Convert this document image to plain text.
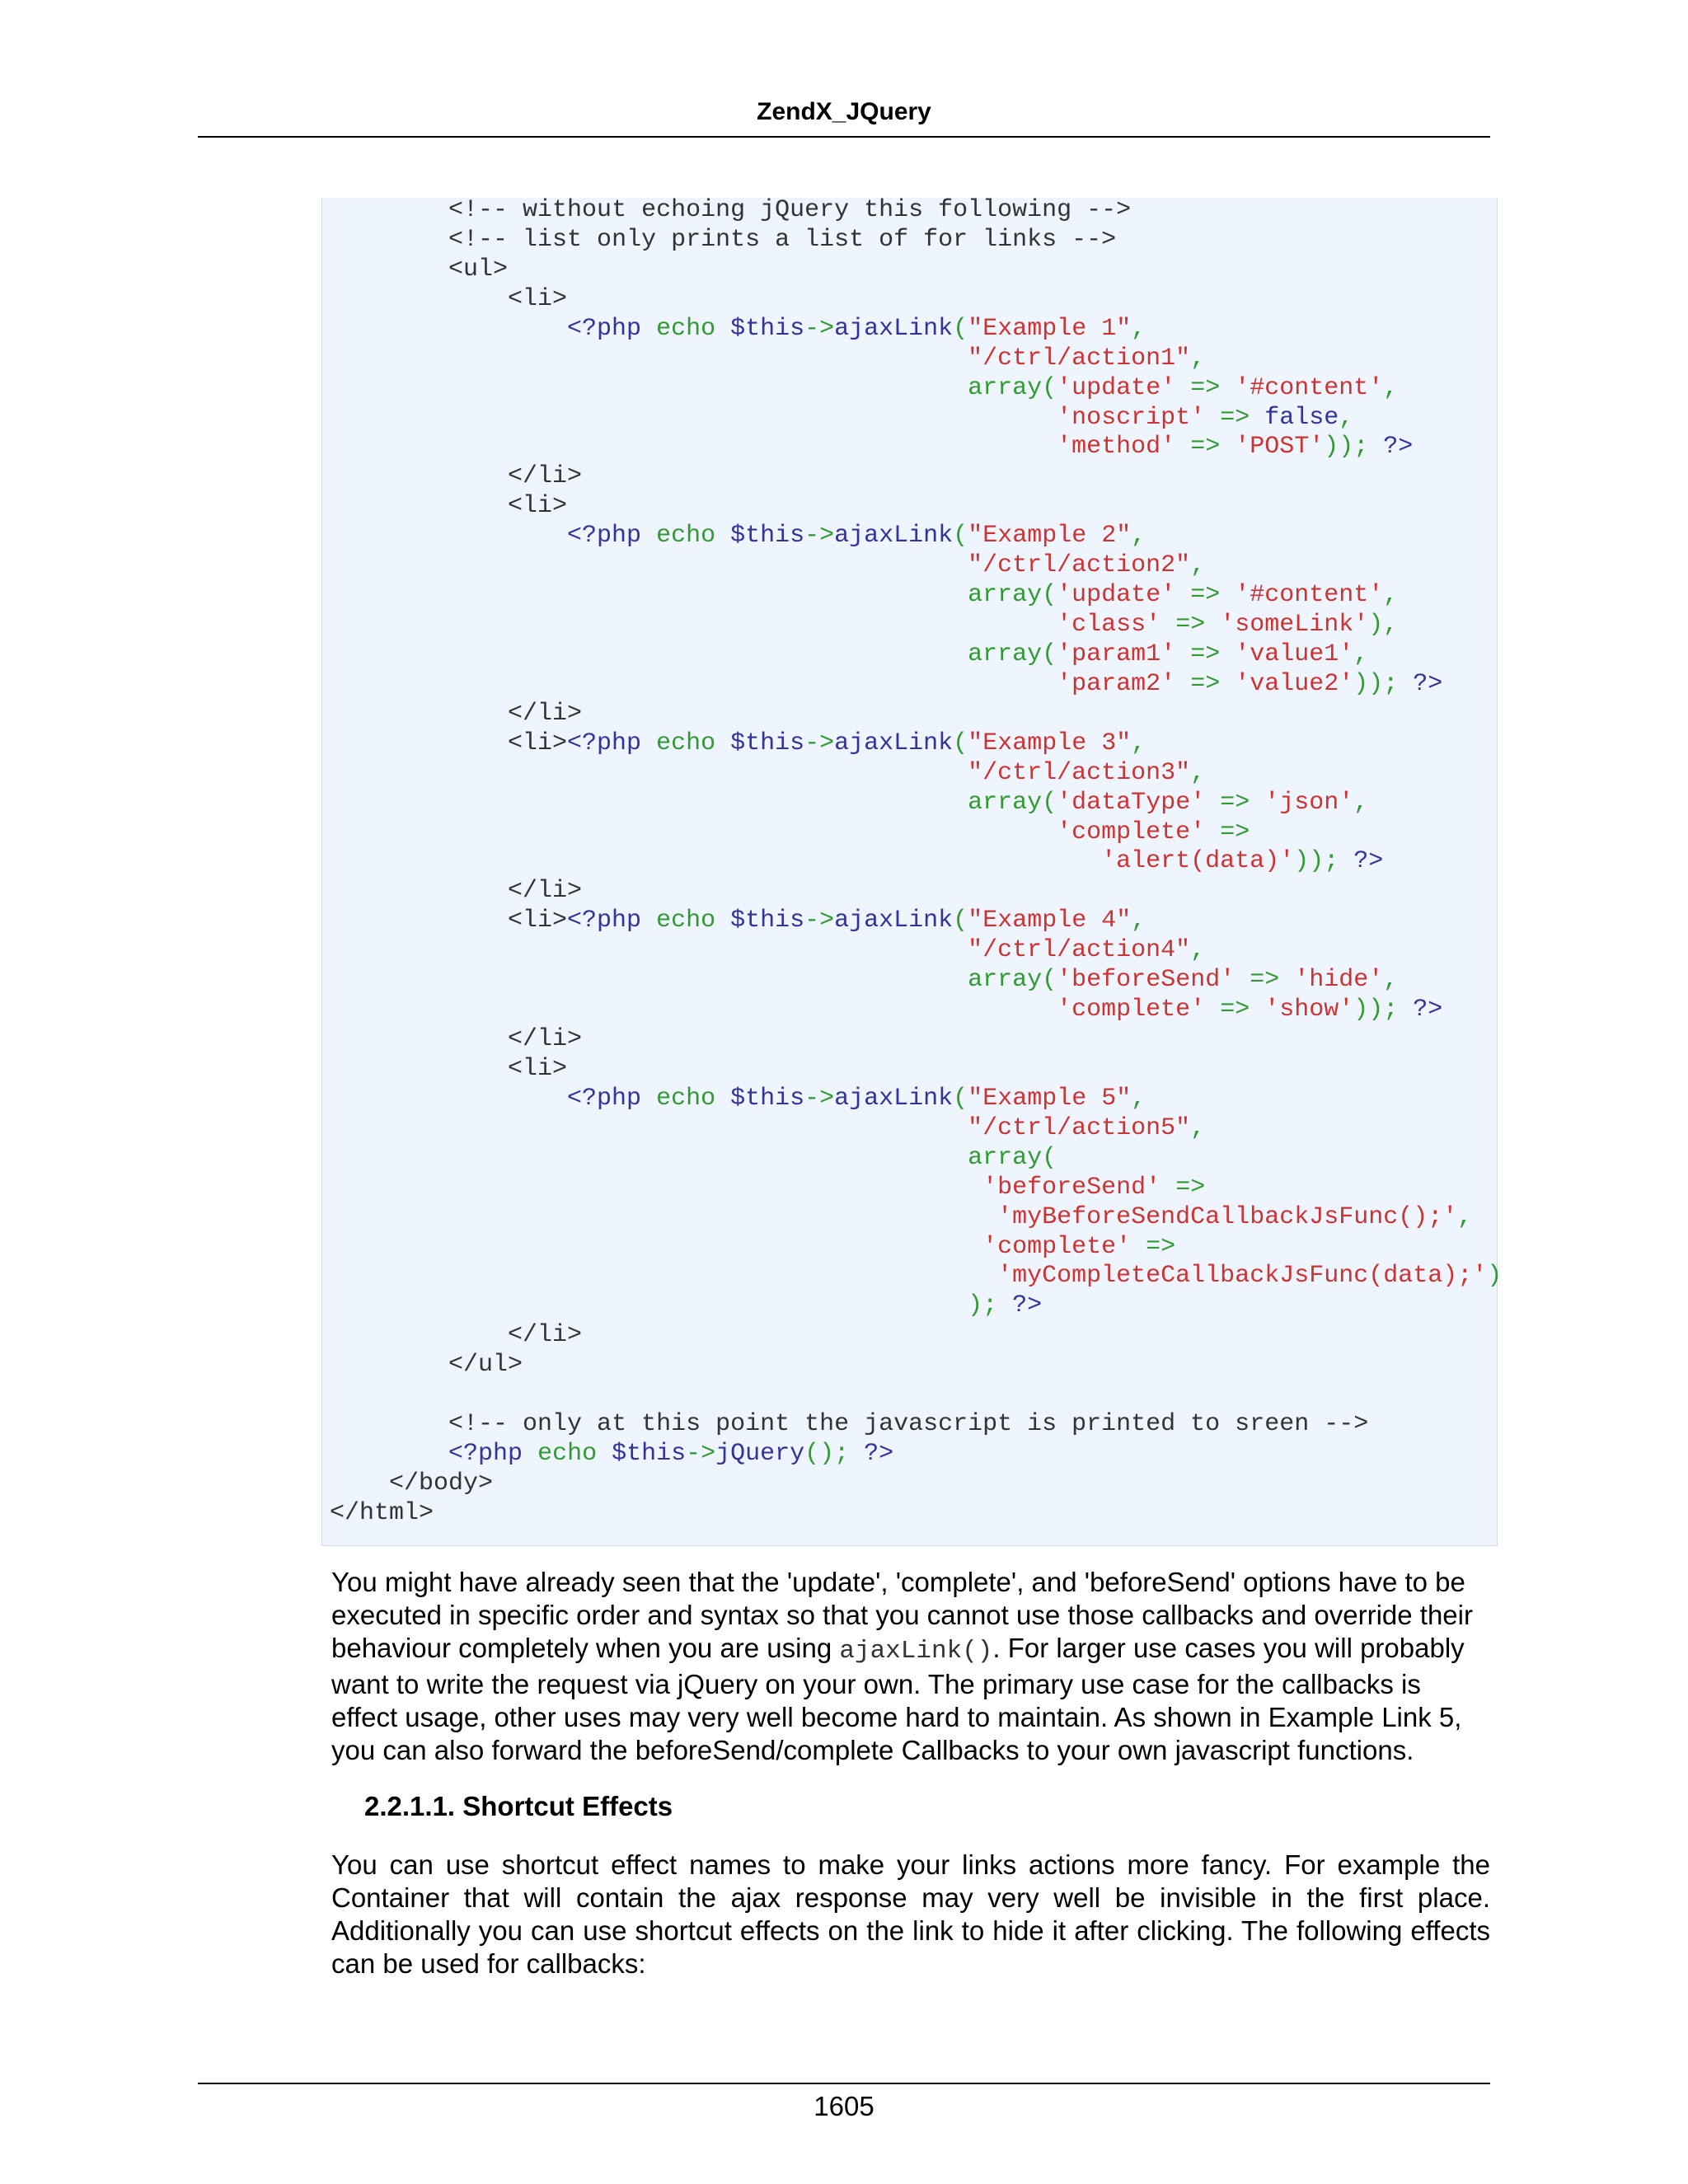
ZendX_JQuery
<!-- without echoing jQuery this following -->
<!-- list only prints a list of for links -->
<ul>
<li>
<?php echo $this->ajaxLink("Example 1",
"/ctrl/action1",
array('update' => '#content',
'noscript' => false,
'method' => 'POST')); ?>
</li>
<li>
<?php echo $this->ajaxLink("Example 2",
"/ctrl/action2",
array('update' => '#content',
'class' => 'someLink'),
array('param1' => 'value1',
'param2' => 'value2')); ?>
</li>
<li><?php echo $this->ajaxLink("Example 3",
"/ctrl/action3",
array('dataType' => 'json',
'complete' =>
'alert(data)')); ?>
</li>
<li><?php echo $this->ajaxLink("Example 4",
"/ctrl/action4",
array('beforeSend' => 'hide',
'complete' => 'show')); ?>
</li>
<li>
<?php echo $this->ajaxLink("Example 5",
"/ctrl/action5",
array(
'beforeSend' =>
'myBeforeSendCallbackJsFunc();',
'complete' =>
'myCompleteCallbackJsFunc(data);')
); ?>
</li>
</ul>
<!-- only at this point the javascript is printed to sreen -->
<?php echo $this->jQuery(); ?>
</body>
</html>

You might have already seen that the 'update', 'complete', and 'beforeSend' options have to be executed in specific order and syntax so that you cannot use those callbacks and override their behaviour completely when you are using ajaxLink(). For larger use cases you will probably want to write the request via jQuery on your own. The primary use case for the callbacks is effect usage, other uses may very well become hard to maintain. As shown in Example Link 5, you can also forward the beforeSend/complete Callbacks to your own javascript functions.

2.2.1.1. Shortcut Effects

You can use shortcut effect names to make your links actions more fancy. For example the Container that will contain the ajax response may very well be invisible in the first place. Additionally you can use shortcut effects on the link to hide it after clicking. The following effects can be used for callbacks:

1605
